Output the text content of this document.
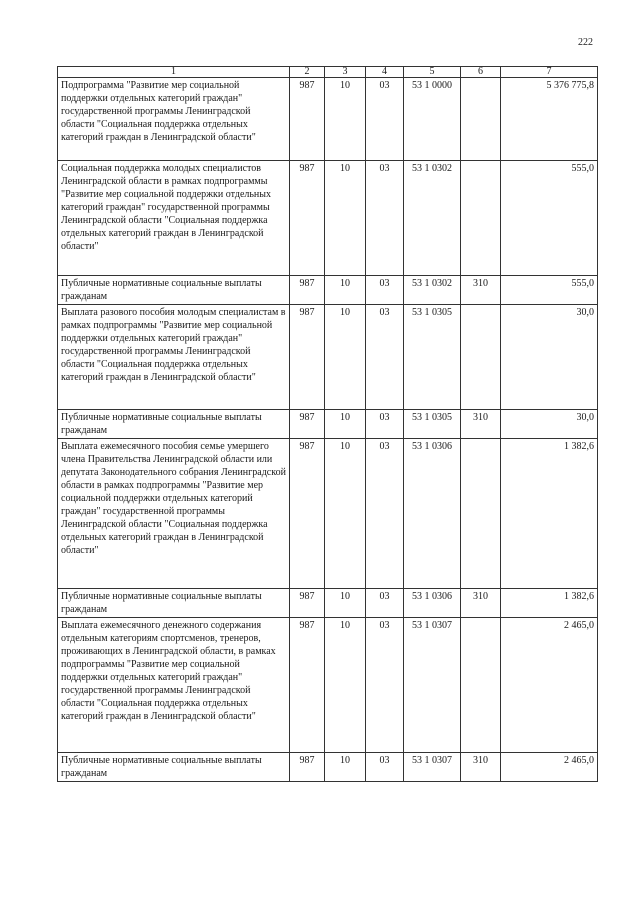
222
1	2	3	4	5	6	7
Подпрограмма "Развитие мер социальной поддержки отдельных категорий граждан" государственной программы Ленинградской области "Социальная поддержка отдельных категорий граждан в Ленинградской области"	987	10	03	53 1 0000		5 376 775,8
Социальная поддержка молодых специалистов Ленинградской области в рамках подпрограммы "Развитие мер социальной поддержки отдельных категорий граждан" государственной программы Ленинградской области "Социальная поддержка отдельных категорий граждан в Ленинградской области"	987	10	03	53 1 0302		555,0
Публичные нормативные социальные выплаты гражданам	987	10	03	53 1 0302	310	555,0
Выплата разового пособия молодым специалистам в рамках подпрограммы "Развитие мер социальной поддержки отдельных категорий граждан" государственной программы Ленинградской области "Социальная поддержка отдельных категорий граждан в Ленинградской области"	987	10	03	53 1 0305		30,0
Публичные нормативные социальные выплаты гражданам	987	10	03	53 1 0305	310	30,0
Выплата ежемесячного пособия семье умершего члена Правительства Ленинградской области или депутата Законодательного собрания Ленинградской области в рамках подпрограммы "Развитие мер социальной поддержки отдельных категорий граждан" государственной программы Ленинградской области "Социальная поддержка отдельных категорий граждан в Ленинградской области"	987	10	03	53 1 0306		1 382,6
Публичные нормативные социальные выплаты гражданам	987	10	03	53 1 0306	310	1 382,6
Выплата ежемесячного денежного содержания отдельным категориям спортсменов, тренеров, проживающих в Ленинградской области, в рамках подпрограммы "Развитие мер социальной поддержки отдельных категорий граждан" государственной программы Ленинградской области "Социальная поддержка отдельных категорий граждан в Ленинградской области"	987	10	03	53 1 0307		2 465,0
Публичные нормативные социальные выплаты гражданам	987	10	03	53 1 0307	310	2 465,0
